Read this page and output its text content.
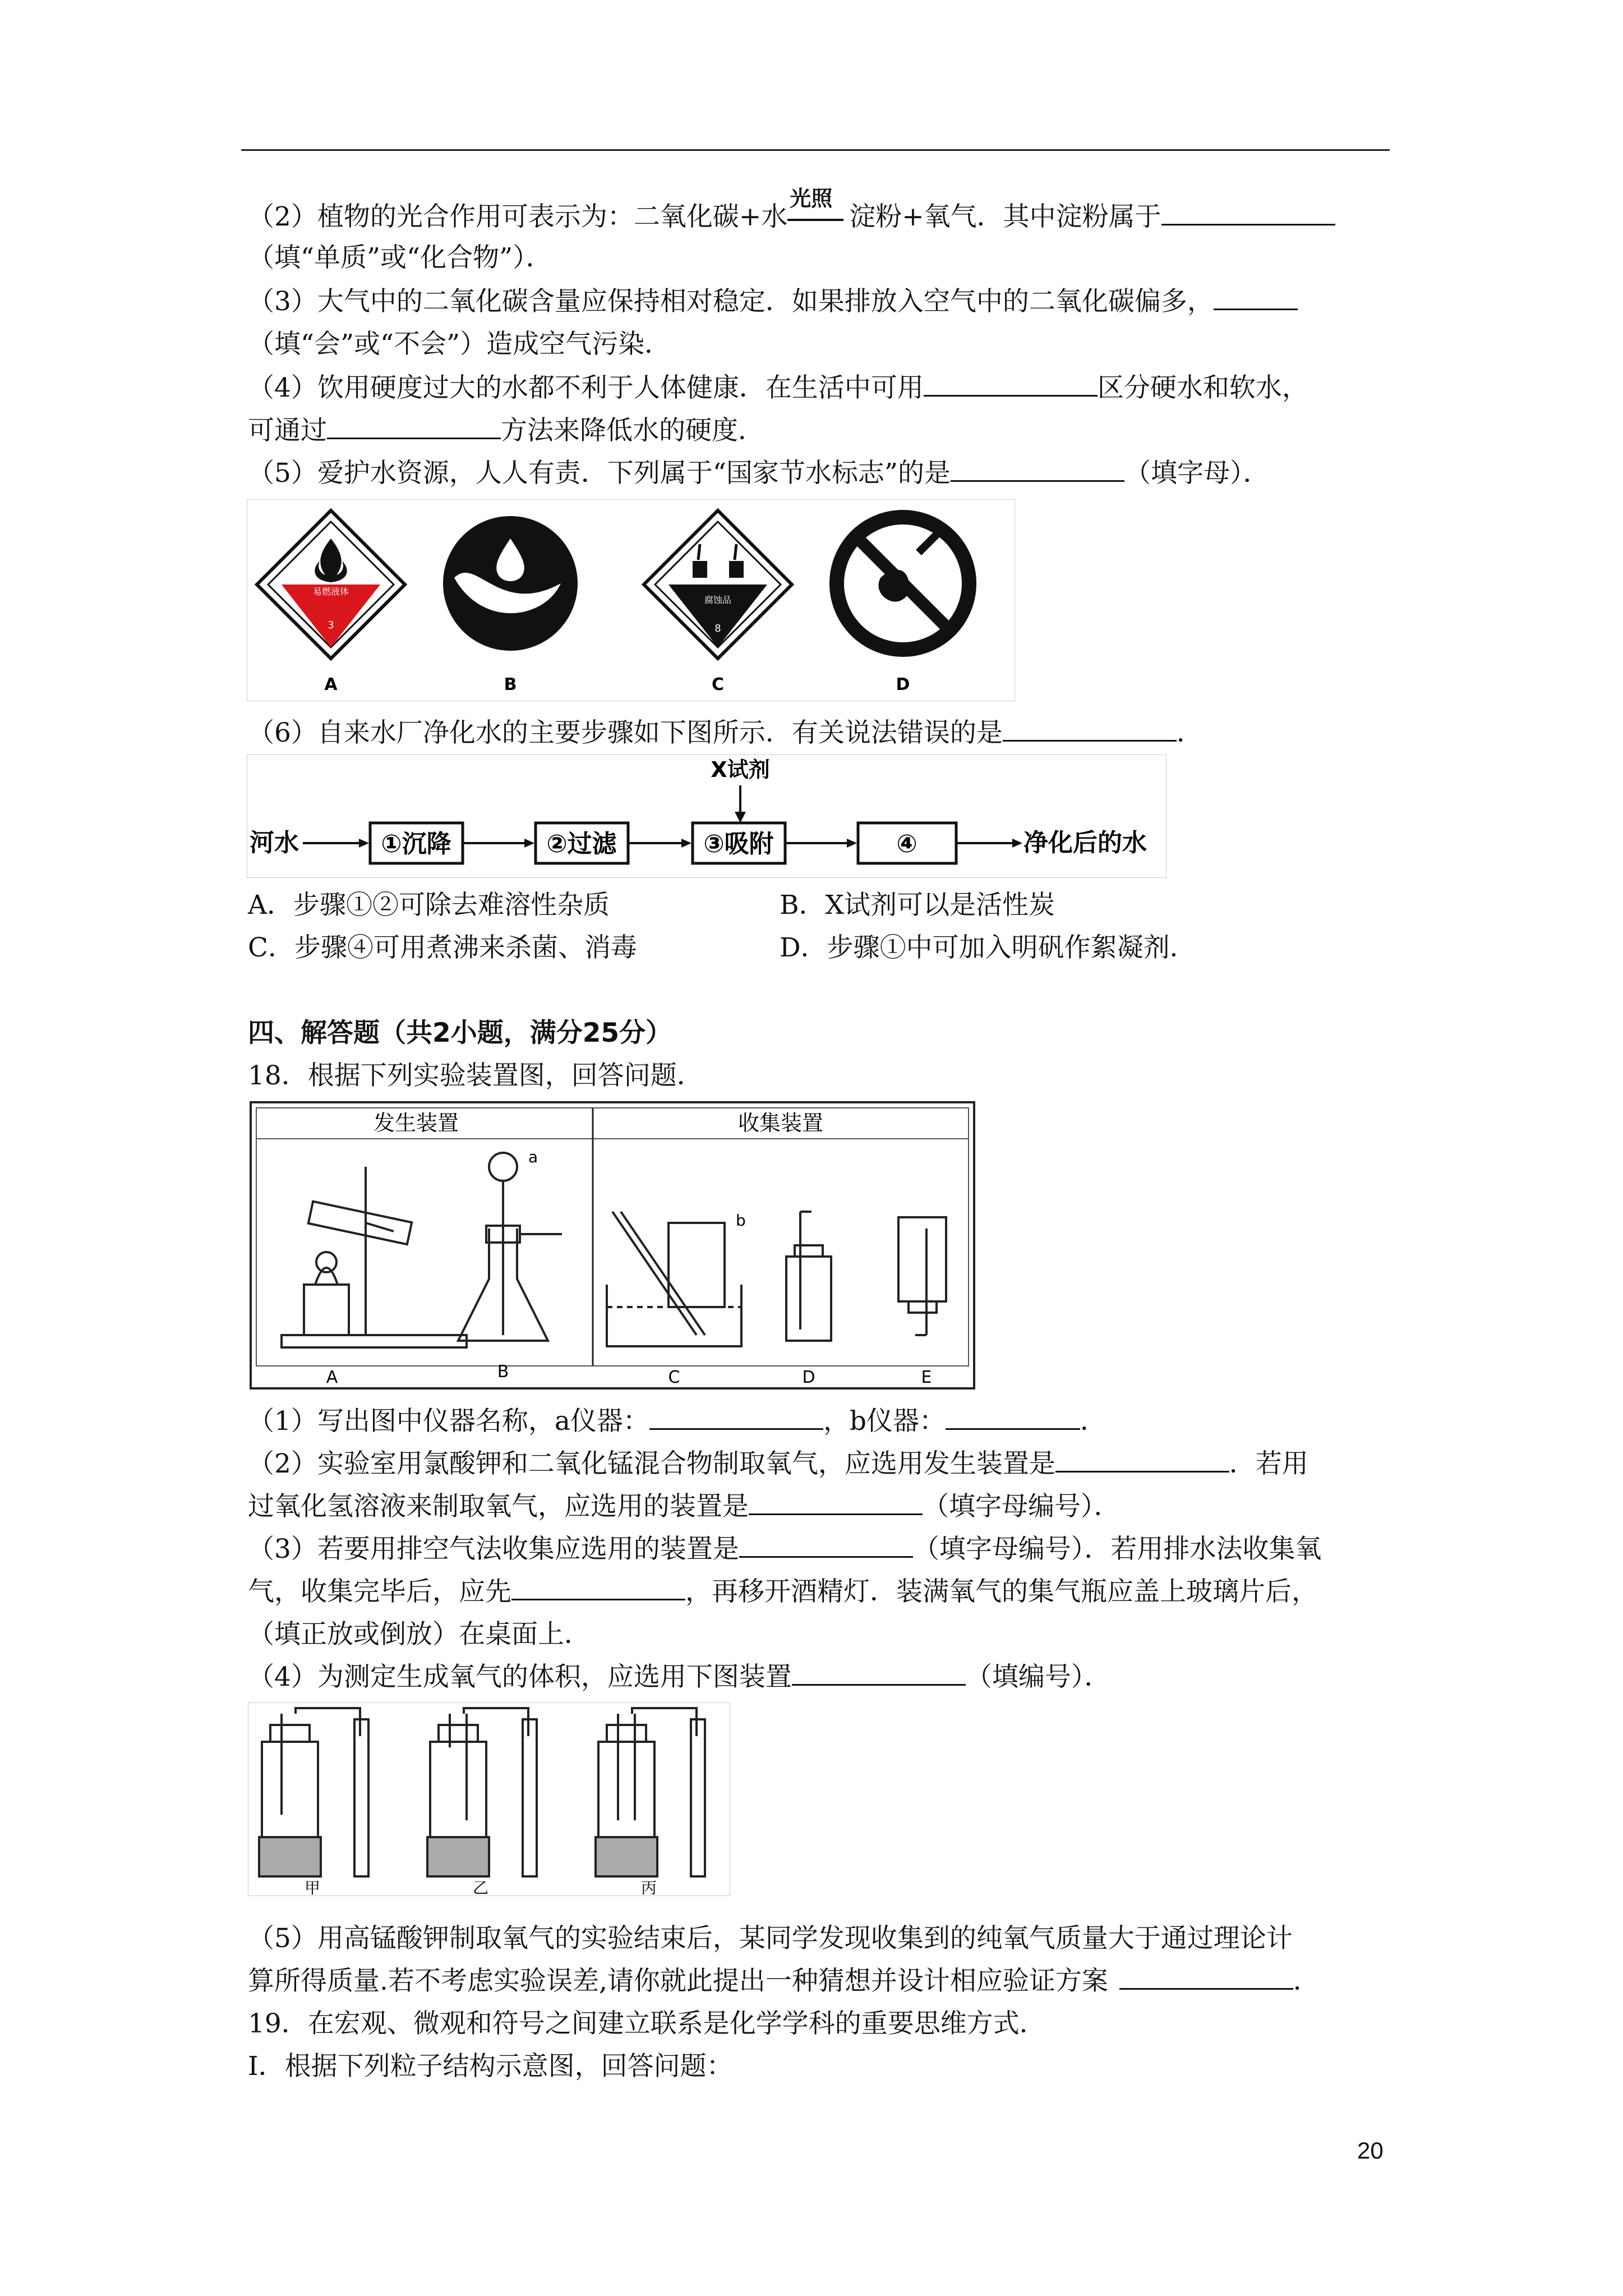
（2）植物的光合作用可表示为：二氧化碳+水
光照
淀粉+氧气．其中淀粉属于
（填“单质”或“化合物”）．
（3）大气中的二氧化碳含量应保持相对稳定．如果排放入空气中的二氧化碳偏多，
（填“会”或“不会”）造成空气污染．
（4）饮用硬度过大的水都不利于人体健康．在生活中可用	区分硬水和软水，
可通过	方法来降低水的硬度．
（5）爱护水资源，人人有责．下列属于“国家节水标志”的是	（填字母）．
易燃液体
3
腐蚀品
8
A	B	C	D
（6）自来水厂净化水的主要步骤如下图所示．有关说法错误的是	．
X试剂
河水	①沉降	②过滤	③吸附	④	净化后的水
A．步骤①②可除去难溶性杂质	B．X试剂可以是活性炭
C．步骤④可用煮沸来杀菌、消毒	D．步骤①中可加入明矾作絮凝剂．
四、解答题（共2小题，满分25分）
18．根据下列实验装置图，回答问题．
发生装置	收集装置
a
b
A	B	C	D	E
（1）写出图中仪器名称，a仪器：	，b仪器：	．
（2）实验室用氯酸钾和二氧化锰混合物制取氧气，应选用发生装置是	．若用
过氧化氢溶液来制取氧气，应选用的装置是	（填字母编号）．
（3）若要用排空气法收集应选用的装置是	（填字母编号）．若用排水法收集氧
气，收集完毕后，应先	，再移开酒精灯．装满氧气的集气瓶应盖上玻璃片后，
（填正放或倒放）在桌面上．
（4）为测定生成氧气的体积，应选用下图装置	（填编号）．
甲	乙	丙
（5）用高锰酸钾制取氧气的实验结束后，某同学发现收集到的纯氧气质量大于通过理论计
算所得质量.若不考虑实验误差,请你就此提出一种猜想并设计相应验证方案	．
19．在宏观、微观和符号之间建立联系是化学学科的重要思维方式．
Ⅰ．根据下列粒子结构示意图，回答问题：
20
